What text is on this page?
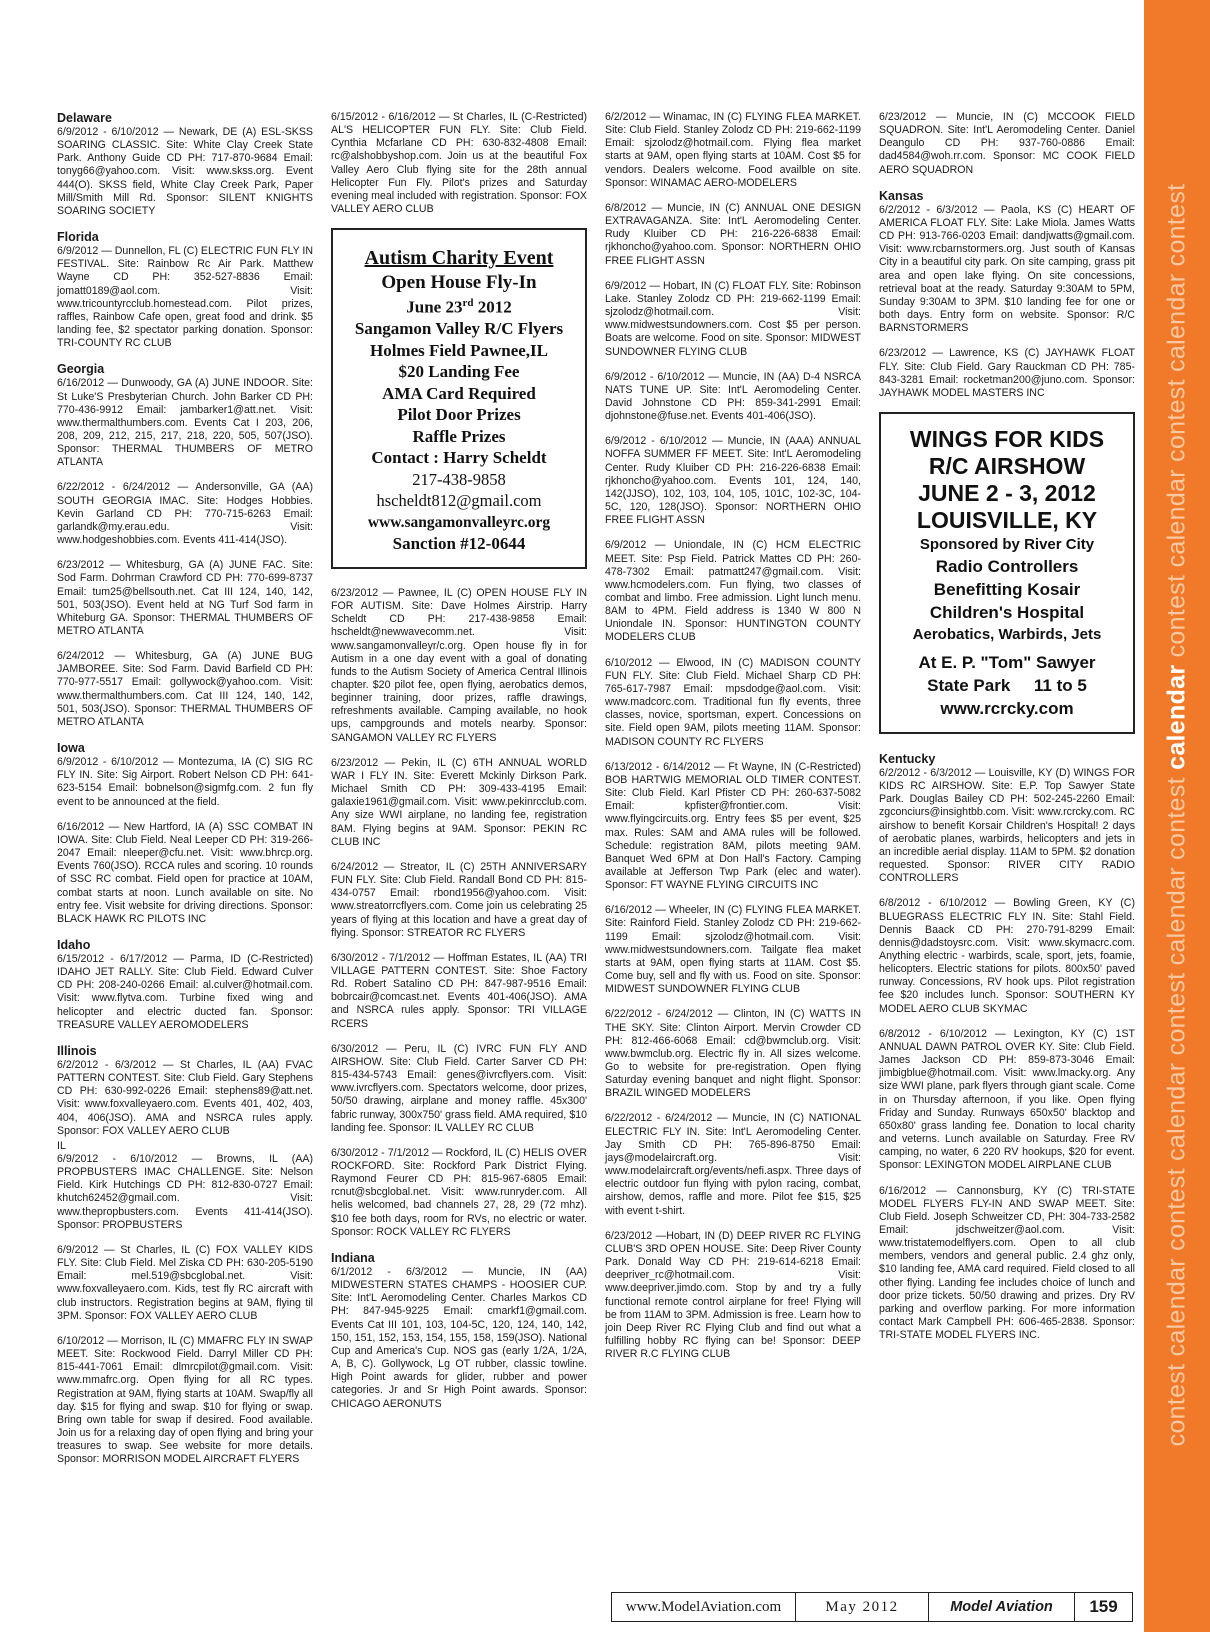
contest calendar contest calendar contest calendar contest calendar contest calendar contest calendar contest
Delaware

6/9/2012 - 6/10/2012 — Newark, DE (A) ESL-SKSS SOARING CLASSIC. Site: White Clay Creek State Park. Anthony Guide CD PH: 717-870-9684 Email: tonyg66@yahoo.com. Visit: www.skss.org. Event 444(O). SKSS field, White Clay Creek Park, Paper Mill/Smith Mill Rd. Sponsor: SILENT KNIGHTS SOARING SOCIETY

Florida

6/9/2012 — Dunnellon, FL (C) ELECTRIC FUN FLY IN FESTIVAL. Site: Rainbow Rc Air Park. Matthew Wayne CD PH: 352-527-8836 Email: jomatt0189@aol.com. Visit: www.tricountyrcclub.homestead.com. Pilot prizes, raffles, Rainbow Cafe open, great food and drink. $5 landing fee, $2 spectator parking donation. Sponsor: TRI-COUNTY RC CLUB

Georgia

6/16/2012 — Dunwoody, GA (A) JUNE INDOOR. Site: St Luke'S Presbyterian Church. John Barker CD PH: 770-436-9912 Email: jambarker1@att.net. Visit: www.thermalthumbers.com. Events Cat I 203, 206, 208, 209, 212, 215, 217, 218, 220, 505, 507(JSO). Sponsor: THERMAL THUMBERS OF METRO ATLANTA

6/22/2012 - 6/24/2012 — Andersonville, GA (AA) SOUTH GEORGIA IMAC. Site: Hodges Hobbies. Kevin Garland CD PH: 770-715-6263 Email: garlandk@my.erau.edu. Visit: www.hodgeshobbies.com. Events 411-414(JSO).

6/23/2012 — Whitesburg, GA (A) JUNE FAC. Site: Sod Farm. Dohrman Crawford CD PH: 770-699-8737 Email: tum25@bellsouth.net. Cat III 124, 140, 142, 501, 503(JSO). Event held at NG Turf Sod farm in Whiteburg GA. Sponsor: THERMAL THUMBERS OF METRO ATLANTA

6/24/2012 — Whitesburg, GA (A) JUNE BUG JAMBOREE. Site: Sod Farm. David Barfield CD PH: 770-977-5517 Email: gollywock@yahoo.com. Visit: www.thermalthumbers.com. Cat III 124, 140, 142, 501, 503(JSO). Sponsor: THERMAL THUMBERS OF METRO ATLANTA

Iowa

6/9/2012 - 6/10/2012 — Montezuma, IA (C) SIG RC FLY IN. Site: Sig Airport. Robert Nelson CD PH: 641-623-5154 Email: bobnelson@sigmfg.com. 2 fun fly event to be announced at the field.

6/16/2012 — New Hartford, IA (A) SSC COMBAT IN IOWA. Site: Club Field. Neal Leeper CD PH: 319-266-2047 Email: nleeper@cfu.net. Visit: www.bhrcp.org. Events 760(JSO). RCCA rules and scoring. 10 rounds of SSC RC combat. Field open for practice at 10AM, combat starts at noon. Lunch available on site. No entry fee. Visit website for driving directions. Sponsor: BLACK HAWK RC PILOTS INC

Idaho

6/15/2012 - 6/17/2012 — Parma, ID (C-Restricted) IDAHO JET RALLY. Site: Club Field. Edward Culver CD PH: 208-240-0266 Email: al.culver@hotmail.com. Visit: www.flytva.com. Turbine fixed wing and helicopter and electric ducted fan. Sponsor: TREASURE VALLEY AEROMODELERS

Illinois

6/2/2012 - 6/3/2012 — St Charles, IL (AA) FVAC PATTERN CONTEST. Site: Club Field. Gary Stephens CD PH: 630-992-0226 Email: stephens89@att.net. Visit: www.foxvalleyaero.com. Events 401, 402, 403, 404, 406(JSO). AMA and NSRCA rules apply. Sponsor: FOX VALLEY AERO CLUB

IL

6/9/2012 - 6/10/2012 — Browns, IL (AA) PROPBUSTERS IMAC CHALLENGE. Site: Nelson Field. Kirk Hutchings CD PH: 812-830-0727 Email: khutch62452@gmail.com. Visit: www.thepropbusters.com. Events 411-414(JSO). Sponsor: PROPBUSTERS

6/9/2012 — St Charles, IL (C) FOX VALLEY KIDS FLY. Site: Club Field. Mel Ziska CD PH: 630-205-5190 Email: mel.519@sbcglobal.net. Visit: www.foxvalleyaero.com. Kids, test fly RC aircraft with club instructors. Registration begins at 9AM, flying til 3PM. Sponsor: FOX VALLEY AERO CLUB

6/10/2012 — Morrison, IL (C) MMAFRC FLY IN SWAP MEET. Site: Rockwood Field. Darryl Miller CD PH: 815-441-7061 Email: dlmrcpilot@gmail.com. Visit: www.mmafrc.org. Open flying for all RC types. Registration at 9AM, flying starts at 10AM. Swap/fly all day. $15 for flying and swap. $10 for flying or swap. Bring own table for swap if desired. Food available. Join us for a relaxing day of open flying and bring your treasures to swap. See website for more details. Sponsor: MORRISON MODEL AIRCRAFT FLYERS

6/15/2012 - 6/16/2012 — St Charles, IL (C-Restricted) AL'S HELICOPTER FUN FLY. Site: Club Field. Cynthia Mcfarlane CD PH: 630-832-4808 Email: rc@alshobbyshop.com. Join us at the beautiful Fox Valley Aero Club flying site for the 28th annual Helicopter Fun Fly. Pilot's prizes and Saturday evening meal included with registration. Sponsor: FOX VALLEY AERO CLUB

Autism Charity Event
Open House Fly-In
June 23rd 2012
Sangamon Valley R/C Flyers
Holmes Field Pawnee,IL
$20 Landing Fee
AMA Card Required
Pilot Door Prizes
Raffle Prizes
Contact : Harry Scheldt
217-438-9858
hscheldt812@gmail.com
www.sangamonvalleyrc.org
Sanction #12-0644

6/23/2012 — Pawnee, IL (C) OPEN HOUSE FLY IN FOR AUTISM. Site: Dave Holmes Airstrip. Harry Scheldt CD PH: 217-438-9858 Email: hscheldt@newwavecomm.net. Visit: www.sangamonvalleyr/c.org. Open house fly in for Autism in a one day event with a goal of donating funds to the Autism Society of America Central Illinois chapter. $20 pilot fee, open flying, aerobatics demos, beginner training, door prizes, raffle drawings, refreshments available. Camping available, no hook ups, campgrounds and motels nearby. Sponsor: SANGAMON VALLEY RC FLYERS

6/23/2012 — Pekin, IL (C) 6TH ANNUAL WORLD WAR I FLY IN. Site: Everett Mckinly Dirkson Park. Michael Smith CD PH: 309-433-4195 Email: galaxie1961@gmail.com. Visit: www.pekinrcclub.com. Any size WWI airplane, no landing fee, registration 8AM. Flying begins at 9AM. Sponsor: PEKIN RC CLUB INC

6/24/2012 — Streator, IL (C) 25TH ANNIVERSARY FUN FLY. Site: Club Field. Randall Bond CD PH: 815-434-0757 Email: rbond1956@yahoo.com. Visit: www.streatorrcflyers.com. Come join us celebrating 25 years of flying at this location and have a great day of flying. Sponsor: STREATOR RC FLYERS

6/30/2012 - 7/1/2012 — Hoffman Estates, IL (AA) TRI VILLAGE PATTERN CONTEST. Site: Shoe Factory Rd. Robert Satalino CD PH: 847-987-9516 Email: bobrcair@comcast.net. Events 401-406(JSO). AMA and NSRCA rules apply. Sponsor: TRI VILLAGE RCERS

6/30/2012 — Peru, IL (C) IVRC FUN FLY AND AIRSHOW. Site: Club Field. Carter Sarver CD PH: 815-434-5743 Email: genes@ivrcflyers.com. Visit: www.ivrcflyers.com. Spectators welcome, door prizes, 50/50 drawing, airplane and money raffle. 45x300' fabric runway, 300x750' grass field. AMA required, $10 landing fee. Sponsor: IL VALLEY RC CLUB

6/30/2012 - 7/1/2012 — Rockford, IL (C) HELIS OVER ROCKFORD. Site: Rockford Park District Flying. Raymond Feurer CD PH: 815-967-6805 Email: rcnut@sbcglobal.net. Visit: www.runryder.com. All helis welcomed, bad channels 27, 28, 29 (72 mhz). $10 fee both days, room for RVs, no electric or water. Sponsor: ROCK VALLEY RC FLYERS

Indiana

6/1/2012 - 6/3/2012 — Muncie, IN (AA) MIDWESTERN STATES CHAMPS - HOOSIER CUP. Site: Int'L Aeromodeling Center. Charles Markos CD PH: 847-945-9225 Email: cmarkf1@gmail.com. Events Cat III 101, 103, 104-5C, 120, 124, 140, 142, 150, 151, 152, 153, 154, 155, 158, 159(JSO). National Cup and America's Cup. NOS gas (early 1/2A, 1/2A, A, B, C). Gollywock, Lg OT rubber, classic towline. High Point awards for glider, rubber and power categories. Jr and Sr High Point awards. Sponsor: CHICAGO AERONUTS

6/2/2012 — Winamac, IN (C) FLYING FLEA MARKET. Site: Club Field. Stanley Zolodz CD PH: 219-662-1199 Email: sjzolodz@hotmail.com. Flying flea market starts at 9AM, open flying starts at 10AM. Cost $5 for vendors. Dealers welcome. Food availble on site. Sponsor: WINAMAC AERO-MODELERS

6/8/2012 — Muncie, IN (C) ANNUAL ONE DESIGN EXTRAVAGANZA. Site: Int'L Aeromodeling Center. Rudy Kluiber CD PH: 216-226-6838 Email: rjkhoncho@yahoo.com. Sponsor: NORTHERN OHIO FREE FLIGHT ASSN

6/9/2012 — Hobart, IN (C) FLOAT FLY. Site: Robinson Lake. Stanley Zolodz CD PH: 219-662-1199 Email: sjzolodz@hotmail.com. Visit: www.midwestsundowners.com. Cost $5 per person. Boats are welcome. Food on site. Sponsor: MIDWEST SUNDOWNER FLYING CLUB

6/9/2012 - 6/10/2012 — Muncie, IN (AA) D-4 NSRCA NATS TUNE UP. Site: Int'L Aeromodeling Center. David Johnstone CD PH: 859-341-2991 Email: djohnstone@fuse.net. Events 401-406(JSO).

6/9/2012 - 6/10/2012 — Muncie, IN (AAA) ANNUAL NOFFA SUMMER FF MEET. Site: Int'L Aeromodeling Center. Rudy Kluiber CD PH: 216-226-6838 Email: rjkhoncho@yahoo.com. Events 101, 124, 140, 142(JJSO), 102, 103, 104, 105, 101C, 102-3C, 104-5C, 120, 128(JSO). Sponsor: NORTHERN OHIO FREE FLIGHT ASSN

6/9/2012 — Uniondale, IN (C) HCM ELECTRIC MEET. Site: Psp Field. Patrick Mattes CD PH: 260-478-7302 Email: patmatt247@gmail.com. Visit: www.hcmodelers.com. Fun flying, two classes of combat and limbo. Free admission. Light lunch menu. 8AM to 4PM. Field address is 1340 W 800 N Uniondale IN. Sponsor: HUNTINGTON COUNTY MODELERS CLUB

6/10/2012 — Elwood, IN (C) MADISON COUNTY FUN FLY. Site: Club Field. Michael Sharp CD PH: 765-617-7987 Email: mpsdodge@aol.com. Visit: www.madcorc.com. Traditional fun fly events, three classes, novice, sportsman, expert. Concessions on site. Field open 9AM, pilots meeting 11AM. Sponsor: MADISON COUNTY RC FLYERS

6/13/2012 - 6/14/2012 — Ft Wayne, IN (C-Restricted) BOB HARTWIG MEMORIAL OLD TIMER CONTEST. Site: Club Field. Karl Pfister CD PH: 260-637-5082 Email: kpfister@frontier.com. Visit: www.flyingcircuits.org. Entry fees $5 per event, $25 max. Rules: SAM and AMA rules will be followed. Schedule: registration 8AM, pilots meeting 9AM. Banquet Wed 6PM at Don Hall's Factory. Camping available at Jefferson Twp Park (elec and water). Sponsor: FT WAYNE FLYING CIRCUITS INC

6/16/2012 — Wheeler, IN (C) FLYING FLEA MARKET. Site: Rainford Field. Stanley Zolodz CD PH: 219-662-1199 Email: sjzolodz@hotmail.com. Visit: www.midwestsundowners.com. Tailgate flea maket starts at 9AM, open flying starts at 11AM. Cost $5. Come buy, sell and fly with us. Food on site. Sponsor: MIDWEST SUNDOWNER FLYING CLUB

6/22/2012 - 6/24/2012 — Clinton, IN (C) WATTS IN THE SKY. Site: Clinton Airport. Mervin Crowder CD PH: 812-466-6068 Email: cd@bwmclub.org. Visit: www.bwmclub.org. Electric fly in. All sizes welcome. Go to website for pre-registration. Open flying Saturday evening banquet and night flight. Sponsor: BRAZIL WINGED MODELERS

6/22/2012 - 6/24/2012 — Muncie, IN (C) NATIONAL ELECTRIC FLY IN. Site: Int'L Aeromodeling Center. Jay Smith CD PH: 765-896-8750 Email: jays@modelaircraft.org. Visit: www.modelaircraft.org/events/nefi.aspx. Three days of electric outdoor fun flying with pylon racing, combat, airshow, demos, raffle and more. Pilot fee $15, $25 with event t-shirt.

6/23/2012 —Hobart, IN (D) DEEP RIVER RC FLYING CLUB'S 3RD OPEN HOUSE. Site: Deep River County Park. Donald Way CD PH: 219-614-6218 Email: deepriver_rc@hotmail.com. Visit: www.deepriver.jimdo.com. Stop by and try a fully functional remote control airplane for free! Flying will be from 11AM to 3PM. Admission is free. Learn how to join Deep River RC Flying Club and find out what a fulfilling hobby RC flying can be! Sponsor: DEEP RIVER R.C FLYING CLUB

6/23/2012 — Muncie, IN (C) MCCOOK FIELD SQUADRON. Site: Int'L Aeromodeling Center. Daniel Deangulo CD PH: 937-760-0886 Email: dad4584@woh.rr.com. Sponsor: MC COOK FIELD AERO SQUADRON

Kansas

6/2/2012 - 6/3/2012 — Paola, KS (C) HEART OF AMERICA FLOAT FLY. Site: Lake Miola. James Watts CD PH: 913-766-0203 Email: dandjwatts@gmail.com. Visit: www.rcbarnstormers.org. Just south of Kansas City in a beautiful city park. On site camping, grass pit area and open lake flying. On site concessions, retrieval boat at the ready. Saturday 9:30AM to 5PM, Sunday 9:30AM to 3PM. $10 landing fee for one or both days. Entry form on website. Sponsor: R/C BARNSTORMERS

6/23/2012 — Lawrence, KS (C) JAYHAWK FLOAT FLY. Site: Club Field. Gary Rauckman CD PH: 785-843-3281 Email: rocketman200@juno.com. Sponsor: JAYHAWK MODEL MASTERS INC

WINGS FOR KIDS
R/C AIRSHOW
JUNE 2 - 3, 2012
LOUISVILLE, KY
Sponsored by River City
Radio Controllers
Benefitting Kosair
Children's Hospital
Aerobatics, Warbirds, Jets
At E. P. "Tom" Sawyer
State Park     11 to 5
www.rcrcky.com
Kentucky

6/2/2012 - 6/3/2012 — Louisville, KY (D) WINGS FOR KIDS RC AIRSHOW. Site: E.P. Top Sawyer State Park. Douglas Bailey CD PH: 502-245-2260 Email: zgconciurs@insightbb.com. Visit: www.rcrcky.com. RC airshow to benefit Korsair Children's Hospital! 2 days of aerobatic planes, warbirds, helicopters and jets in an incredible aerial display. 11AM to 5PM. $2 donation requested. Sponsor: RIVER CITY RADIO CONTROLLERS

6/8/2012 - 6/10/2012 — Bowling Green, KY (C) BLUEGRASS ELECTRIC FLY IN. Site: Stahl Field. Dennis Baack CD PH: 270-791-8299 Email: dennis@dadstoysrc.com. Visit: www.skymacrc.com. Anything electric - warbirds, scale, sport, jets, foamie, helicopters. Electric stations for pilots. 800x50' paved runway. Concessions, RV hook ups. Pilot registration fee $20 includes lunch. Sponsor: SOUTHERN KY MODEL AERO CLUB SKYMAC

6/8/2012 - 6/10/2012 — Lexington, KY (C) 1ST ANNUAL DAWN PATROL OVER KY. Site: Club Field. James Jackson CD PH: 859-873-3046 Email: jimbigblue@hotmail.com. Visit: www.lmacky.org. Any size WWI plane, park flyers through giant scale. Come in on Thursday afternoon, if you like. Open flying Friday and Sunday. Runways 650x50' blacktop and 650x80' grass landing fee. Donation to local charity and veterns. Lunch available on Saturday. Free RV camping, no water, 6 220 RV hookups, $20 for event. Sponsor: LEXINGTON MODEL AIRPLANE CLUB

6/16/2012 — Cannonsburg, KY (C) TRI-STATE MODEL FLYERS FLY-IN AND SWAP MEET. Site: Club Field. Joseph Schweitzer CD, PH: 304-733-2582 Email: jdschweitzer@aol.com. Visit: www.tristatemodelflyers.com. Open to all club members, vendors and general public. 2.4 ghz only, $10 landing fee, AMA card required. Field closed to all other flying. Landing fee includes choice of lunch and door prize tickets. 50/50 drawing and prizes. Dry RV parking and overflow parking. For more information contact Mark Campbell PH: 606-465-2838. Sponsor: TRI-STATE MODEL FLYERS INC.

www.ModelAviation.com	May 2012	Model Aviation	159
